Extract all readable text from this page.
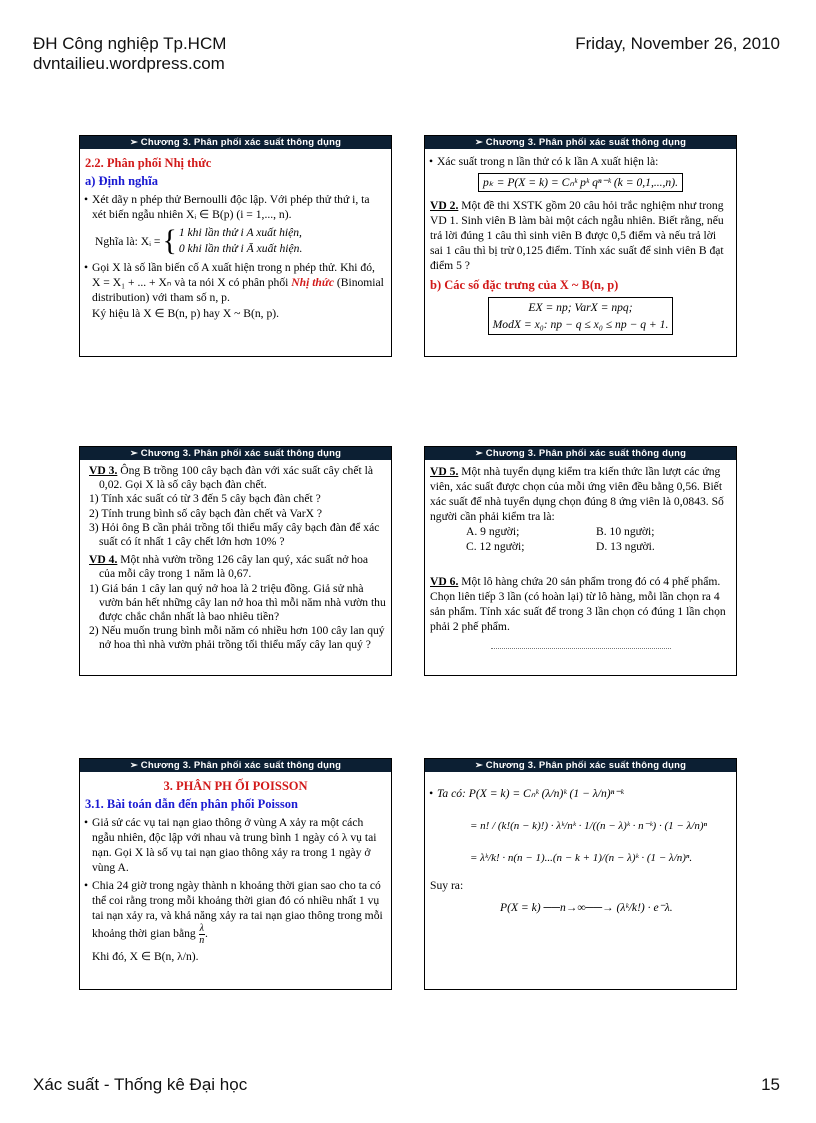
ĐH Công nghiệp Tp.HCM
dvntailieu.wordpress.com
Friday, November 26, 2010
➢ Chương 3. Phân phối xác suất thông dụng
2.2. Phân phối Nhị thức
a) Định nghĩa
• Xét dãy n phép thử Bernoulli độc lập. Với phép thử thứ i, ta xét biến ngẫu nhiên Xᵢ ∈ B(p) (i = 1,..., n).
Nghĩa là: Xᵢ = { 1 khi lần thử i A xuất hiện,
0 khi lần thử i Ā xuất hiện.
• Gọi X là số lần biến cố A xuất hiện trong n phép thử. Khi đó, X = X₁ + ... + Xₙ và ta nói X có phân phối Nhị thức (Binomial distribution) với tham số n, p.
Ký hiệu là X ∈ B(n, p) hay X ~ B(n, p).
➢ Chương 3. Phân phối xác suất thông dụng
• Xác suất trong n lần thử có k lần A xuất hiện là:
pₖ = P(X = k) = Cₙᵏ pᵏ qⁿ⁻ᵏ (k = 0,1,...,n).
VD 2. Một đề thi XSTK gồm 20 câu hỏi trắc nghiệm như trong VD 1. Sinh viên B làm bài một cách ngẫu nhiên. Biết rằng, nếu trả lời đúng 1 câu thì sinh viên B được 0,5 điểm và nếu trả lời sai 1 câu thì bị trừ 0,125 điểm. Tính xác suất để sinh viên B đạt điểm 5 ?
b) Các số đặc trưng của X ~ B(n, p)
EX = np; VarX = npq;
ModX = x₀: np − q ≤ x₀ ≤ np − q + 1.
➢ Chương 3. Phân phối xác suất thông dụng
VD 3. Ông B trồng 100 cây bạch đàn với xác suất cây chết là 0,02. Gọi X là số cây bạch đàn chết.
1) Tính xác suất có từ 3 đến 5 cây bạch đàn chết ?
2) Tính trung bình số cây bạch đàn chết và VarX ?
3) Hỏi ông B cần phải trồng tối thiểu mấy cây bạch đàn để xác suất có ít nhất 1 cây chết lớn hơn 10% ?
VD 4. Một nhà vườn trồng 126 cây lan quý, xác suất nở hoa của mỗi cây trong 1 năm là 0,67.
1) Giá bán 1 cây lan quý nở hoa là 2 triệu đồng. Giả sử nhà vườn bán hết những cây lan nở hoa thì mỗi năm nhà vườn thu được chắc chắn nhất là bao nhiêu tiền?
2) Nếu muốn trung bình mỗi năm có nhiều hơn 100 cây lan quý nở hoa thì nhà vườn phải trồng tối thiểu mấy cây lan quý ?
➢ Chương 3. Phân phối xác suất thông dụng
VD 5. Một nhà tuyển dụng kiểm tra kiến thức lần lượt các ứng viên, xác suất được chọn của mỗi ứng viên đều bằng 0,56. Biết xác suất để nhà tuyển dụng chọn đúng 8 ứng viên là 0,0843. Số người cần phải kiểm tra là:
A. 9 người;	B. 10 người;
C. 12 người;	D. 13 người.
VD 6. Một lô hàng chứa 20 sản phẩm trong đó có 4 phế phẩm. Chọn liên tiếp 3 lần (có hoàn lại) từ lô hàng, mỗi lần chọn ra 4 sản phẩm. Tính xác suất để trong 3 lần chọn có đúng 1 lần chọn phải 2 phế phẩm.
➢ Chương 3. Phân phối xác suất thông dụng
3. PHÂN PH ỐI POISSON
3.1. Bài toán dẫn đến phân phối Poisson
• Giả sử các vụ tai nạn giao thông ở vùng A xảy ra một cách ngẫu nhiên, độc lập với nhau và trung bình 1 ngày có λ vụ tai nạn. Gọi X là số vụ tai nạn giao thông xảy ra trong 1 ngày ở vùng A.
• Chia 24 giờ trong ngày thành n khoảng thời gian sao cho ta có thể coi rằng trong mỗi khoảng thời gian đó có nhiều nhất 1 vụ tai nạn xảy ra, và khả năng xảy ra tai nạn giao thông trong mỗi khoảng thời gian bằng $\frac{\lambda}{n}$ .
Khi đó, X ∈ B(n, λ/n).
➢ Chương 3. Phân phối xác suất thông dụng
• Ta có: P(X = k) = Cₙᵏ (λ/n)ᵏ (1 − λ/n)ⁿ⁻ᵏ
= n! / (k!(n − k)!) · λᵏ/nᵏ · 1/((n − λ)ᵏ · n⁻ᵏ) · (1 − λ/n)ⁿ
= λᵏ/k! · n(n − 1)...(n − k + 1)/(n − λ)ᵏ · (1 − λ/n)ⁿ.
Suy ra:
P(X = k) ──n→∞──→ (λᵏ/k!) · e⁻λ.
Xác suất - Thống kê Đại học	15
